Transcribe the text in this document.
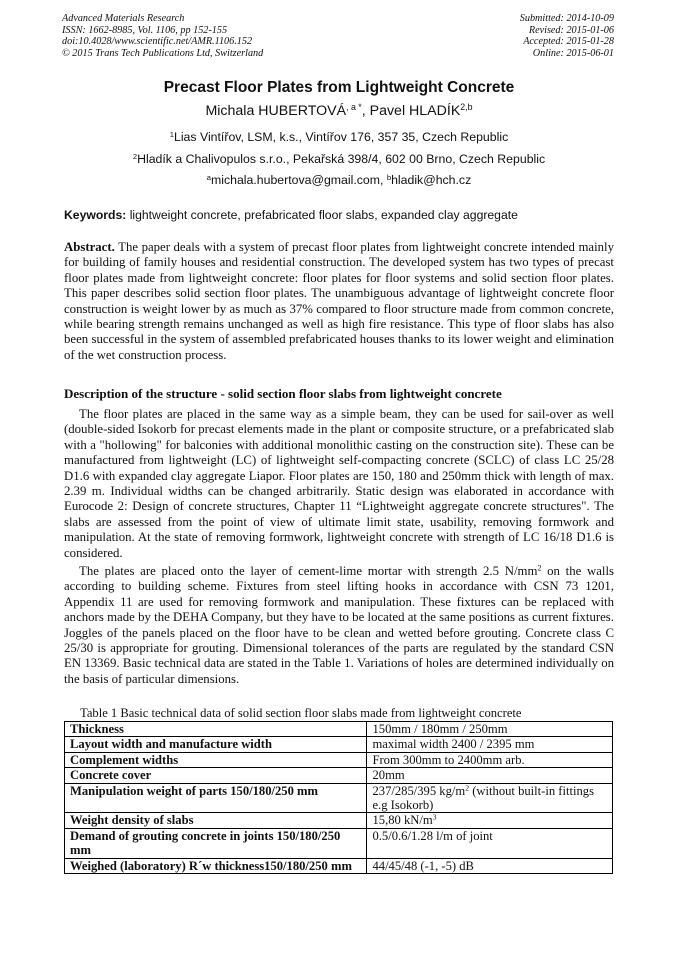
Advanced Materials Research
ISSN: 1662-8985, Vol. 1106, pp 152-155
doi:10.4028/www.scientific.net/AMR.1106.152
© 2015 Trans Tech Publications Ltd, Switzerland
Submitted: 2014-10-09
Revised: 2015-01-06
Accepted: 2015-01-28
Online: 2015-06-01
Precast Floor Plates from Lightweight Concrete
Michala $HUBERTOVÁ^{, a *}$, Pavel HLADÍK$^{2,b}$
$^1$Lias Vintířov, LSM, k.s., Vintířov 176, 357 35, Czech Republic
$^2$Hladík a Chalivopulos s.r.o., Pekařská 398/4, 602 00 Brno, Czech Republic
$^a$michala.hubertova@gmail.com, $^b$hladik@hch.cz
Keywords: lightweight concrete, prefabricated floor slabs, expanded clay aggregate
Abstract. The paper deals with a system of precast floor plates from lightweight concrete intended mainly for building of family houses and residential construction. The developed system has two types of precast floor plates made from lightweight concrete: floor plates for floor systems and solid section floor plates. This paper describes solid section floor plates. The unambiguous advantage of lightweight concrete floor construction is weight lower by as much as 37% compared to floor structure made from common concrete, while bearing strength remains unchanged as well as high fire resistance. This type of floor slabs has also been successful in the system of assembled prefabricated houses thanks to its lower weight and elimination of the wet construction process.
Description of the structure - solid section floor slabs from lightweight concrete
The floor plates are placed in the same way as a simple beam, they can be used for sail-over as well (double-sided Isokorb for precast elements made in the plant or composite structure, or a prefabricated slab with a "hollowing" for balconies with additional monolithic casting on the construction site). These can be manufactured from lightweight (LC) of lightweight self-compacting concrete (SCLC) of class LC 25/28 D1.6 with expanded clay aggregate Liapor. Floor plates are 150, 180 and 250mm thick with length of max. 2.39 m. Individual widths can be changed arbitrarily. Static design was elaborated in accordance with Eurocode 2: Design of concrete structures, Chapter 11 “Lightweight aggregate concrete structures". The slabs are assessed from the point of view of ultimate limit state, usability, removing formwork and manipulation. At the state of removing formwork, lightweight concrete with strength of LC 16/18 D1.6 is considered.
The plates are placed onto the layer of cement-lime mortar with strength 2.5 $N/mm^2$ on the walls according to building scheme. Fixtures from steel lifting hooks in accordance with CSN 73 1201, Appendix 11 are used for removing formwork and manipulation. These fixtures can be replaced with anchors made by the DEHA Company, but they have to be located at the same positions as current fixtures. Joggles of the panels placed on the floor have to be clean and wetted before grouting. Concrete class C 25/30 is appropriate for grouting. Dimensional tolerances of the parts are regulated by the standard CSN EN 13369. Basic technical data are stated in the Table 1. Variations of holes are determined individually on the basis of particular dimensions.
Table 1 Basic technical data of solid section floor slabs made from lightweight concrete
Thickness	150mm / 180mm / 250mm
Layout width and manufacture width	maximal width 2400 / 2395 mm
Complement widths	From 300mm to 2400mm arb.
Concrete cover	20mm
Manipulation weight of parts 150/180/250 mm	237/285/395 $kg/m^2$ (without built-in fittings e.g Isokorb)
Weight density of slabs	15,80 $kN/m^3$
Demand of grouting concrete in joints 150/180/250 mm	0.5/0.6/1.28 l/m of joint
Weighed (laboratory) R´w thickness150/180/250 mm	44/45/48 (-1, -5) dB
